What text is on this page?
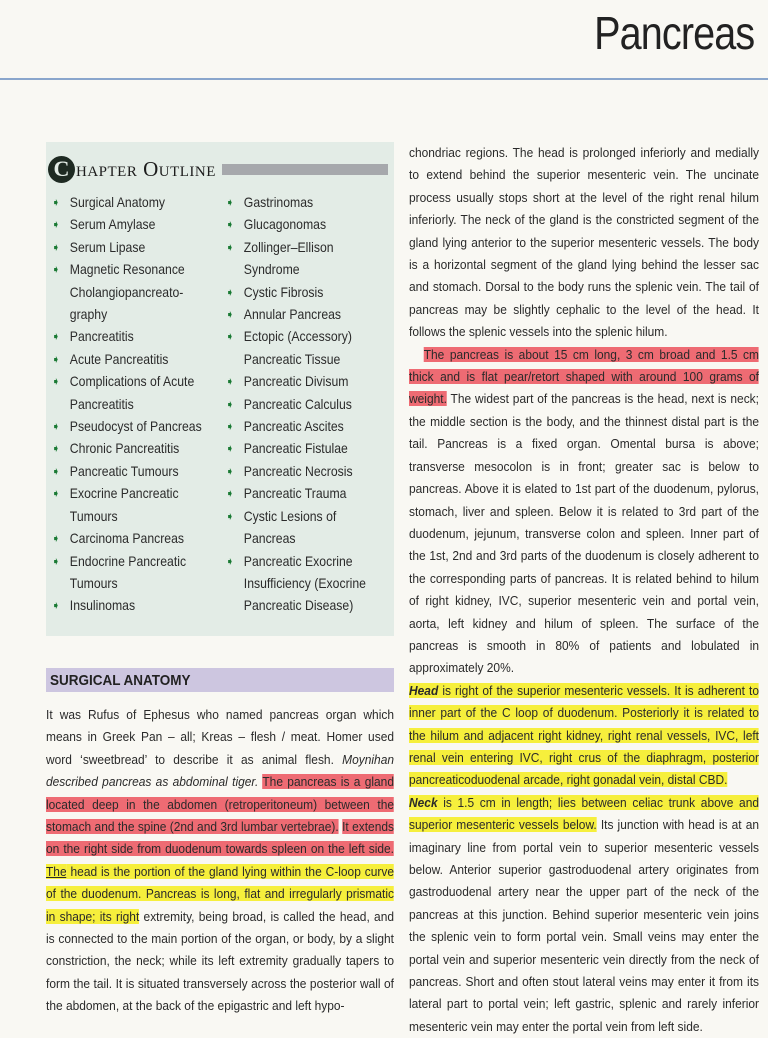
Pancreas
C hapter Outline
➧ Surgical Anatomy
➧ Serum Amylase
➧ Serum Lipase
➧ Magnetic Resonance
Cholangiopancreato-
graphy
➧ Pancreatitis
➧ Acute Pancreatitis
➧ Complications of Acute
Pancreatitis
➧ Pseudocyst of Pancreas
➧ Chronic Pancreatitis
➧ Pancreatic Tumours
➧ Exocrine Pancreatic
Tumours
➧ Carcinoma Pancreas
➧ Endocrine Pancreatic
Tumours
➧ Insulinomas
➧ Gastrinomas
➧ Glucagonomas
➧ Zollinger–Ellison
Syndrome
➧ Cystic Fibrosis
➧ Annular Pancreas
➧ Ectopic (Accessory)
Pancreatic Tissue
➧ Pancreatic Divisum
➧ Pancreatic Calculus
➧ Pancreatic Ascites
➧ Pancreatic Fistulae
➧ Pancreatic Necrosis
➧ Pancreatic Trauma
➧ Cystic Lesions of
Pancreas
➧ Pancreatic Exocrine
Insufficiency (Exocrine
Pancreatic Disease)
SURGICAL ANATOMY

It was Rufus of Ephesus who named pancreas organ which means in Greek Pan – all; Kreas – flesh / meat. Homer used word ‘sweetbread’ to describe it as animal flesh. Moynihan described pancreas as abdominal tiger. The pancreas is a gland located deep in the abdomen (retroperitoneum) between the stomach and the spine (2nd and 3rd lumbar vertebrae). It extends on the right side from duodenum towards spleen on the left side. The head is the portion of the gland lying within the C-loop curve of the duodenum. Pancreas is long, flat and irregularly prismatic in shape; its right extremity, being broad, is called the head, and is connected to the main portion of the organ, or body, by a slight constriction, the neck; while its left extremity gradually tapers to form the tail. It is situated transversely across the posterior wall of the abdomen, at the back of the epigastric and left hypo-

chondriac regions. The head is prolonged inferiorly and medially to extend behind the superior mesenteric vein. The uncinate process usually stops short at the level of the right renal hilum inferiorly. The neck of the gland is the constricted segment of the gland lying anterior to the superior mesenteric vessels. The body is a horizontal segment of the gland lying behind the lesser sac and stomach. Dorsal to the body runs the splenic vein. The tail of pancreas may be slightly cephalic to the level of the head. It follows the splenic vessels into the splenic hilum.

The pancreas is about 15 cm long, 3 cm broad and 1.5 cm thick and is flat pear/retort shaped with around 100 grams of weight. The widest part of the pancreas is the head, next is neck; the middle section is the body, and the thinnest distal part is the tail. Pancreas is a fixed organ. Omental bursa is above; transverse mesocolon is in front; greater sac is below to pancreas. Above it is elated to 1st part of the duodenum, pylorus, stomach, liver and spleen. Below it is related to 3rd part of the duodenum, jejunum, transverse colon and spleen. Inner part of the 1st, 2nd and 3rd parts of the duodenum is closely adherent to the corresponding parts of pancreas. It is related behind to hilum of right kidney, IVC, superior mesenteric vein and portal vein, aorta, left kidney and hilum of spleen. The surface of the pancreas is smooth in 80% of patients and lobulated in approximately 20%.

Head is right of the superior mesenteric vessels. It is adherent to inner part of the C loop of duodenum. Posteriorly it is related to the hilum and adjacent right kidney, right renal vessels, IVC, left renal vein entering IVC, right crus of the diaphragm, posterior pancreaticoduodenal arcade, right gonadal vein, distal CBD.

Neck is 1.5 cm in length; lies between celiac trunk above and superior mesenteric vessels below. Its junction with head is at an imaginary line from portal vein to superior mesenteric vessels below. Anterior superior gastroduodenal artery originates from gastroduodenal artery near the upper part of the neck of the pancreas at this junction. Behind superior mesenteric vein joins the splenic vein to form portal vein. Small veins may enter the portal vein and superior mesenteric vein directly from the neck of pancreas. Short and often stout lateral veins may enter it from its lateral part to portal vein; left gastric, splenic and rarely inferior mesenteric vein may enter the portal vein from left side.
